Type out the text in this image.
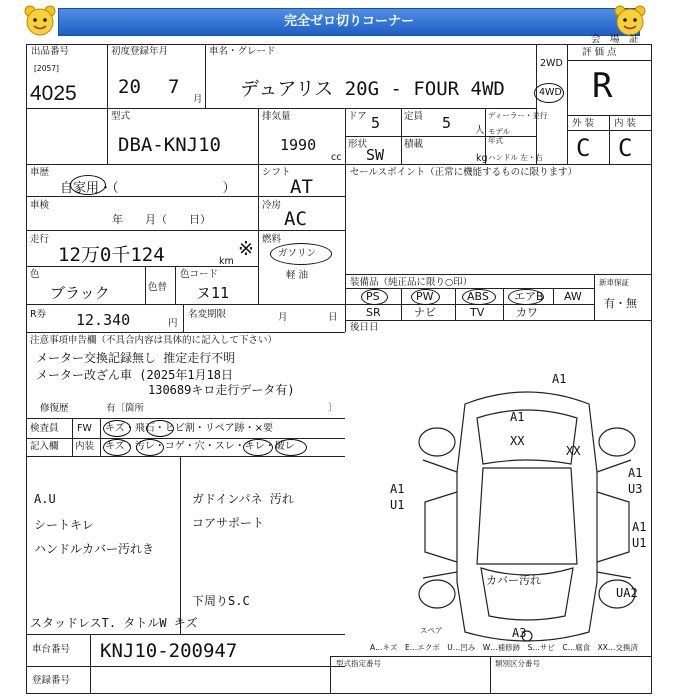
完全ゼロ切りコーナー
会　場　証
出品番号
[2057]
4025
初度登録年月
20 7
月
車名・グレード
デュアリス 20G - FOUR 4WD
2WD
4WD
評 価 点
R
外 装 内 装
C C
型式
DBA-KNJ10
排気量
1990
cc
ドア 5	定員 5	人
ディーラー・並行
モデル
年式
形状
SW
積載
kg ハンドル 左・右
車歴
自家用・（　　　　　　　　）
シフト
AT
車検
年　　月（　　日）
冷房
AC
走行
12万0千124	km
※ 燃料
ガソリン
軽 油
色
ブラック	色替
色コード
ヌ11
R券 12.340	円
名変期限	月	日
セールスポイント（正常に機能するものに限ります）
装備品（純正品に限り○印）	新車保証
有・無
PS	PW	ABS エアB AW
SR	ナビ	TV	カワ
後日日
注意事項申告欄（不具合内容は具体的に記入して下さい）
メーター交換記録無し 推定走行不明
メーター改ざん車 (2025年1月18日
130689キロ走行データ有)
修復歴	有〔箇所	〕
検査員
記入欄
FW キズ・飛石・ヒビ割・リペア跡・×要
内装 キズ・汚レ・コゲ・穴・スレ・キレ・破レ
A.U
シートキレ
ハンドルカバー汚れき
スタッドレスT. タトルW キズ
ガドインパネ 汚れ
コアサポート
下周りS.C
A1
A1
XX
XX
U1
A1	U3
A1
U1
A1
カバー汚れ
UA2
A3
スペア
A…キズ　E…エクボ　U…凹み　W…補修跡　S…サビ　C…腐食　XX…交換済
車台番号 KNJ10-200947
登録番号
型式指定番号	類別区分番号
